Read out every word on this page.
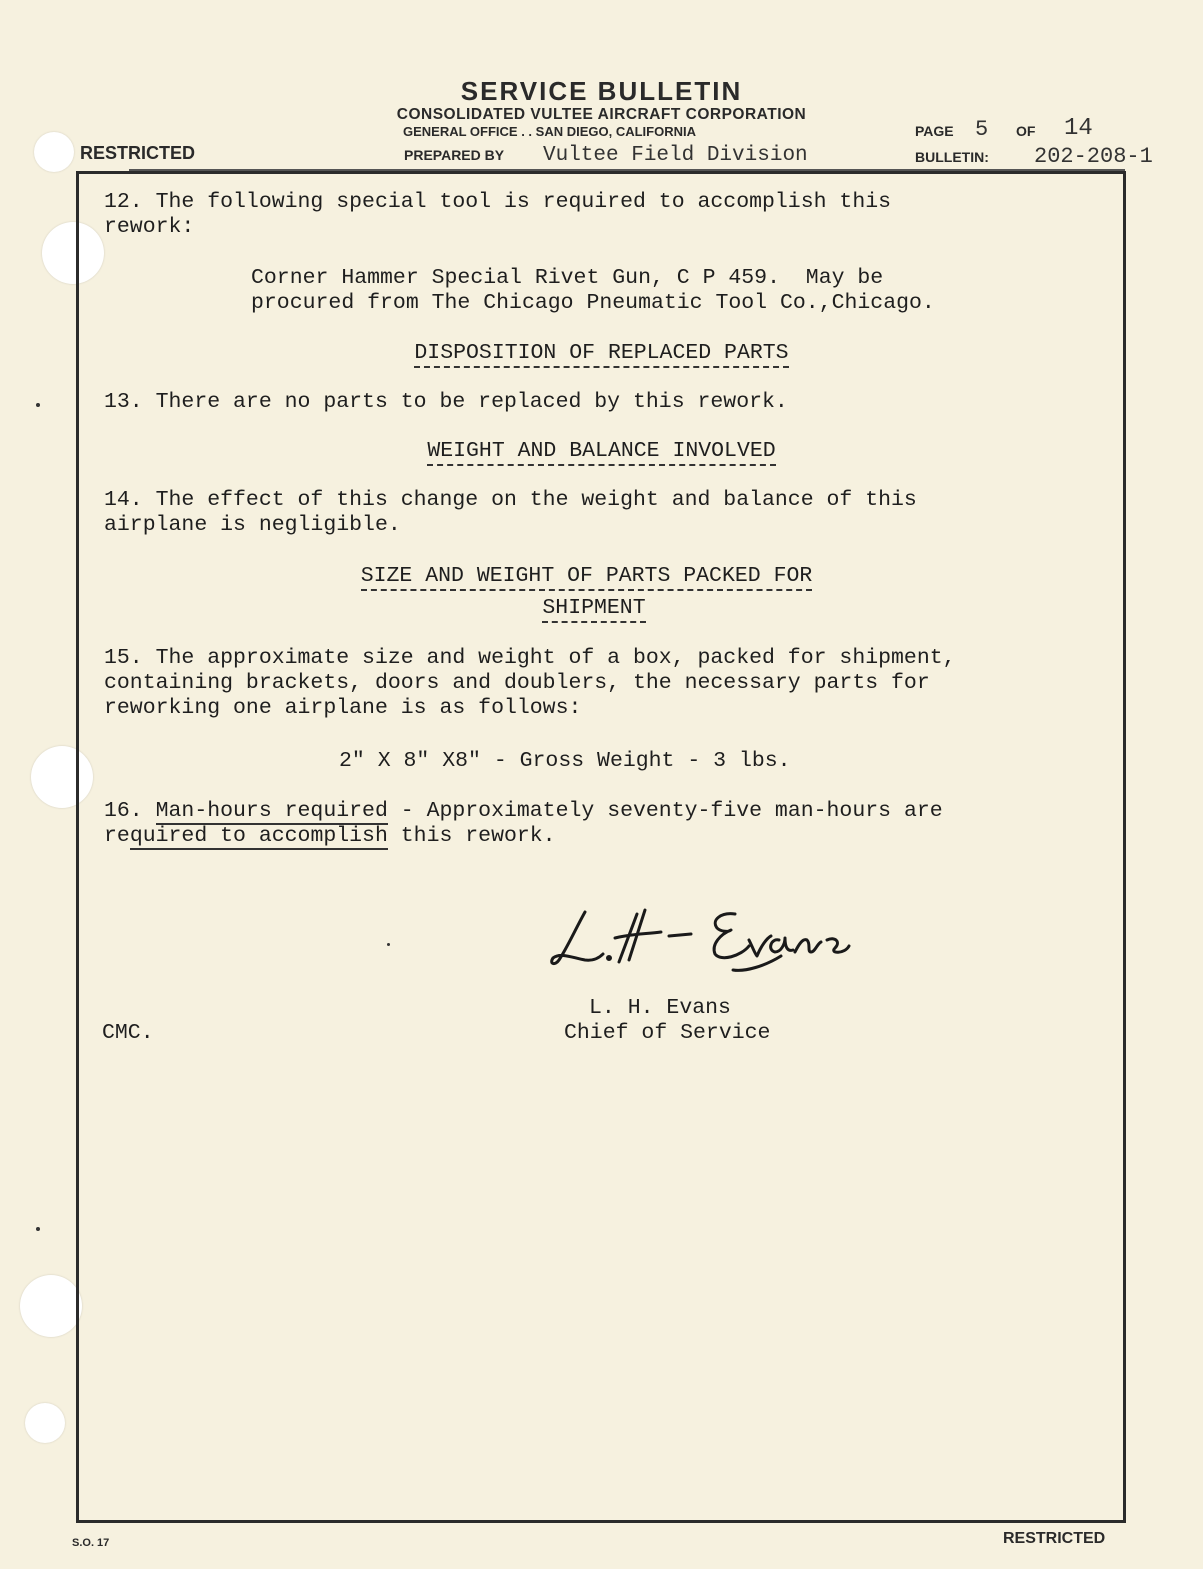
SERVICE BULLETIN
CONSOLIDATED VULTEE AIRCRAFT CORPORATION
GENERAL OFFICE . . SAN DIEGO, CALIFORNIA
RESTRICTED	PREPARED BY Vultee Field Division
PAGE 5 OF 14
BULLETIN: 202-208-1
12. The following special tool is required to accomplish this
rework:
Corner Hammer Special Rivet Gun, C P 459.  May be
procured from The Chicago Pneumatic Tool Co.,Chicago.
DISPOSITION OF REPLACED PARTS
13. There are no parts to be replaced by this rework.
WEIGHT AND BALANCE INVOLVED
14. The effect of this change on the weight and balance of this
airplane is negligible.
SIZE AND WEIGHT OF PARTS PACKED FOR
SHIPMENT
15. The approximate size and weight of a box, packed for shipment,
containing brackets, doors and doublers, the necessary parts for
reworking one airplane is as follows:
2" X 8" X8" - Gross Weight - 3 lbs.
16. Man-hours required - Approximately seventy-five man-hours are
required to accomplish this rework.
L. H. Evans
Chief of Service
CMC.
S.O. 17	RESTRICTED
